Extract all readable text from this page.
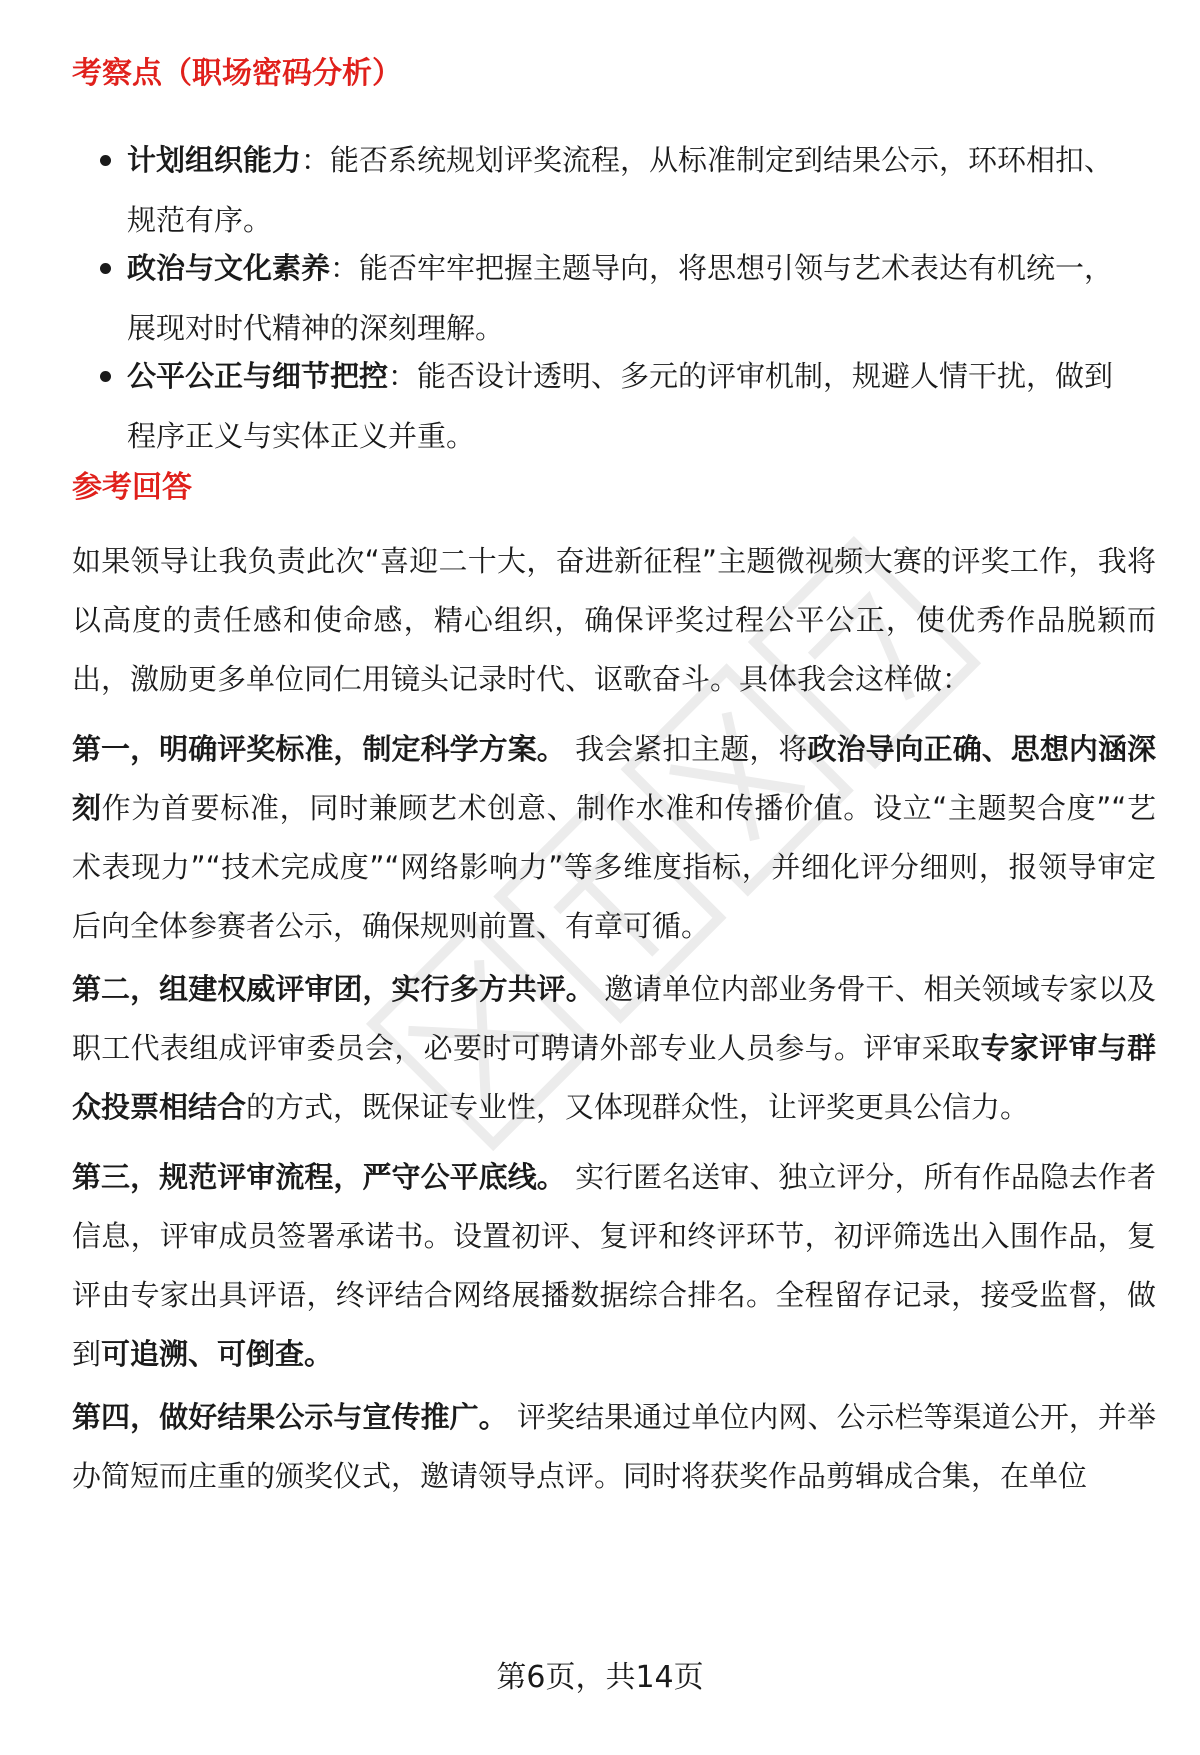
考察点（职场密码分析）
计划组织能力：能否系统规划评奖流程，从标准制定到结果公示，环环相扣、规范有序。
政治与文化素养：能否牢牢把握主题导向，将思想引领与艺术表达有机统一，展现对时代精神的深刻理解。
公平公正与细节把控：能否设计透明、多元的评审机制，规避人情干扰，做到程序正义与实体正义并重。
参考回答

如果领导让我负责此次“喜迎二十大，奋进新征程”主题微视频大赛的评奖工作，我将以高度的责任感和使命感，精心组织，确保评奖过程公平公正，使优秀作品脱颖而出，激励更多单位同仁用镜头记录时代、讴歌奋斗。具体我会这样做：

第一，明确评奖标准，制定科学方案。 我会紧扣主题，将政治导向正确、思想内涵深刻作为首要标准，同时兼顾艺术创意、制作水准和传播价值。设立“主题契合度”“艺术表现力”“技术完成度”“网络影响力”等多维度指标，并细化评分细则，报领导审定后向全体参赛者公示，确保规则前置、有章可循。

第二，组建权威评审团，实行多方共评。 邀请单位内部业务骨干、相关领域专家以及职工代表组成评审委员会，必要时可聘请外部专业人员参与。评审采取专家评审与群众投票相结合的方式，既保证专业性，又体现群众性，让评奖更具公信力。

第三，规范评审流程，严守公平底线。 实行匿名送审、独立评分，所有作品隐去作者信息，评审成员签署承诺书。设置初评、复评和终评环节，初评筛选出入围作品，复评由专家出具评语，终评结合网络展播数据综合排名。全程留存记录，接受监督，做到可追溯、可倒查。

第四，做好结果公示与宣传推广。 评奖结果通过单位内网、公示栏等渠道公开，并举办简短而庄重的颁奖仪式，邀请领导点评。同时将获奖作品剪辑成合集，在单位

第6页，共14页
